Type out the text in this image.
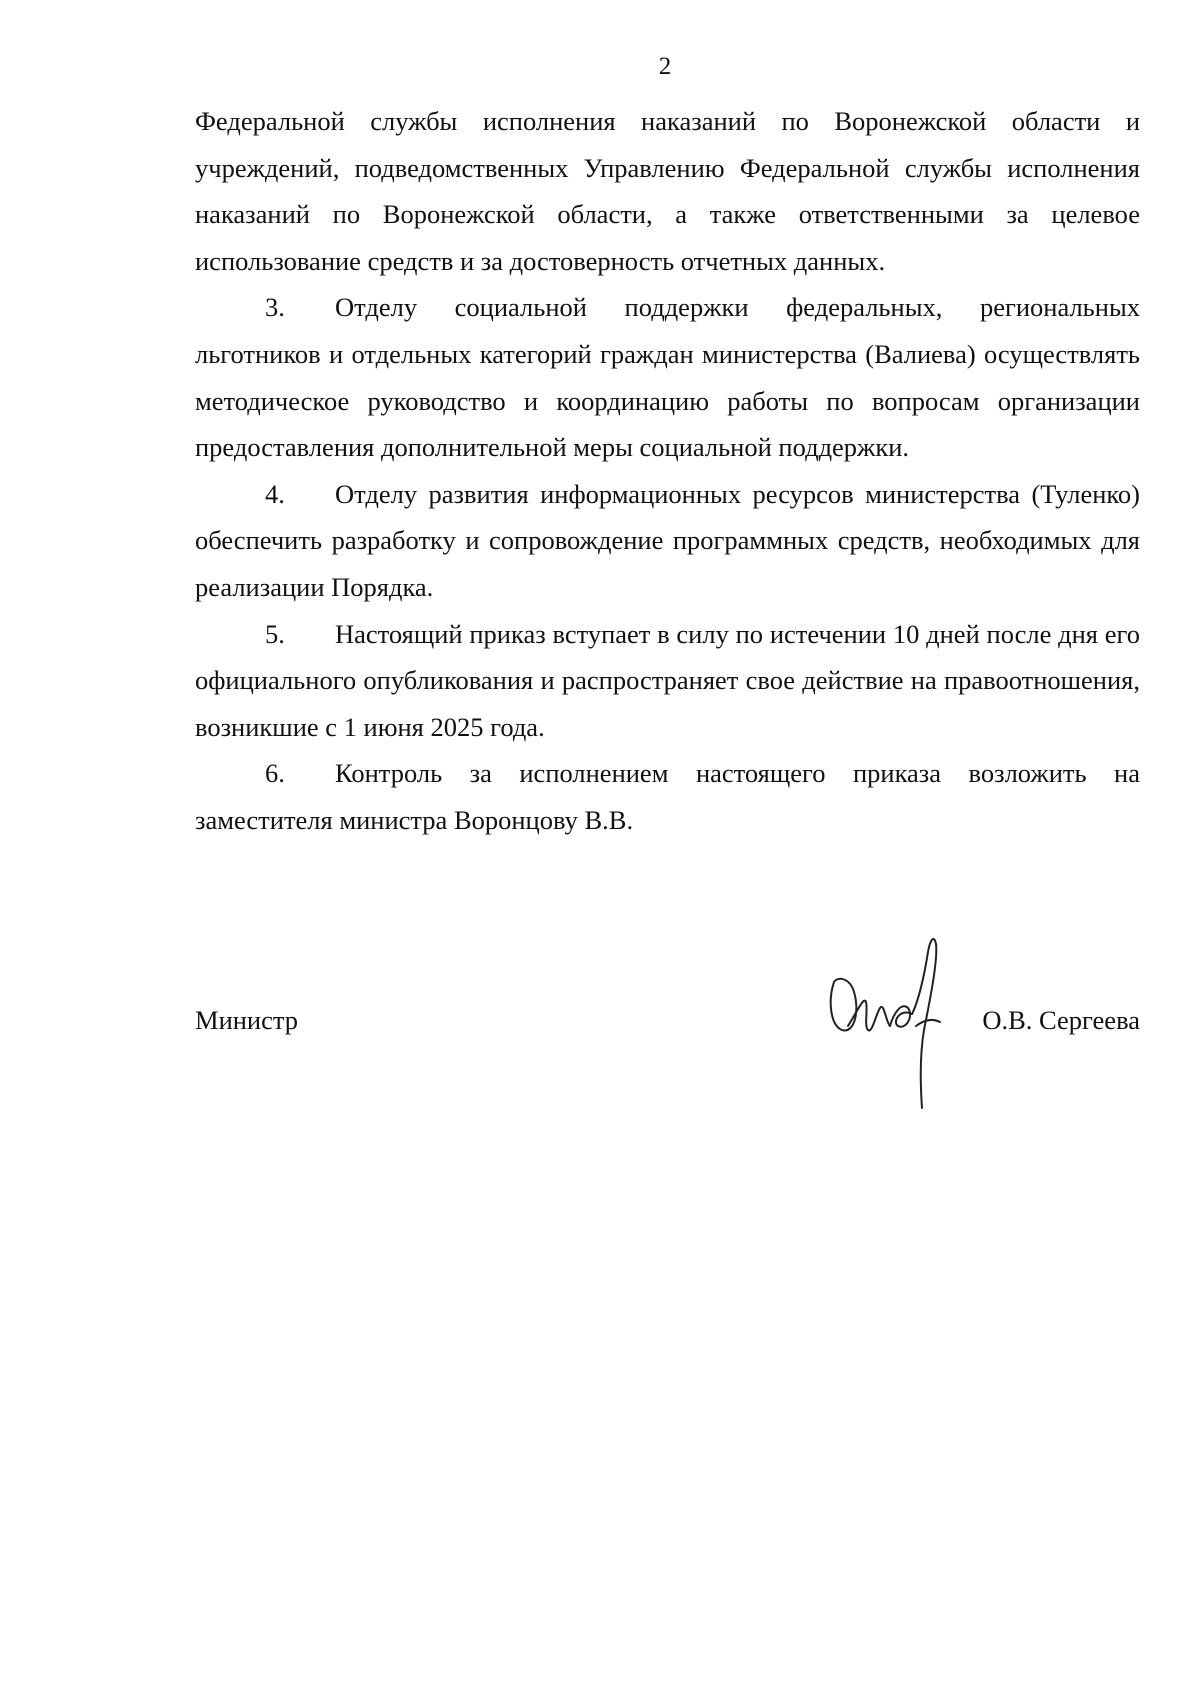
2

Федеральной службы исполнения наказаний по Воронежской области и учреждений, подведомственных Управлению Федеральной службы исполнения наказаний по Воронежской области, а также ответственными за целевое использование средств и за достоверность отчетных данных.

3. Отделу социальной поддержки федеральных, региональных льготников и отдельных категорий граждан министерства (Валиева) осуществлять методическое руководство и координацию работы по вопросам организации предоставления дополнительной меры социальной поддержки.

4. Отделу развития информационных ресурсов министерства (Туленко) обеспечить разработку и сопровождение программных средств, необходимых для реализации Порядка.

5. Настоящий приказ вступает в силу по истечении 10 дней после дня его официального опубликования и распространяет свое действие на правоотношения, возникшие с 1 июня 2025 года.

6. Контроль за исполнением настоящего приказа возложить на заместителя министра Воронцову В.В.

Министр	О.В. Сергеева
